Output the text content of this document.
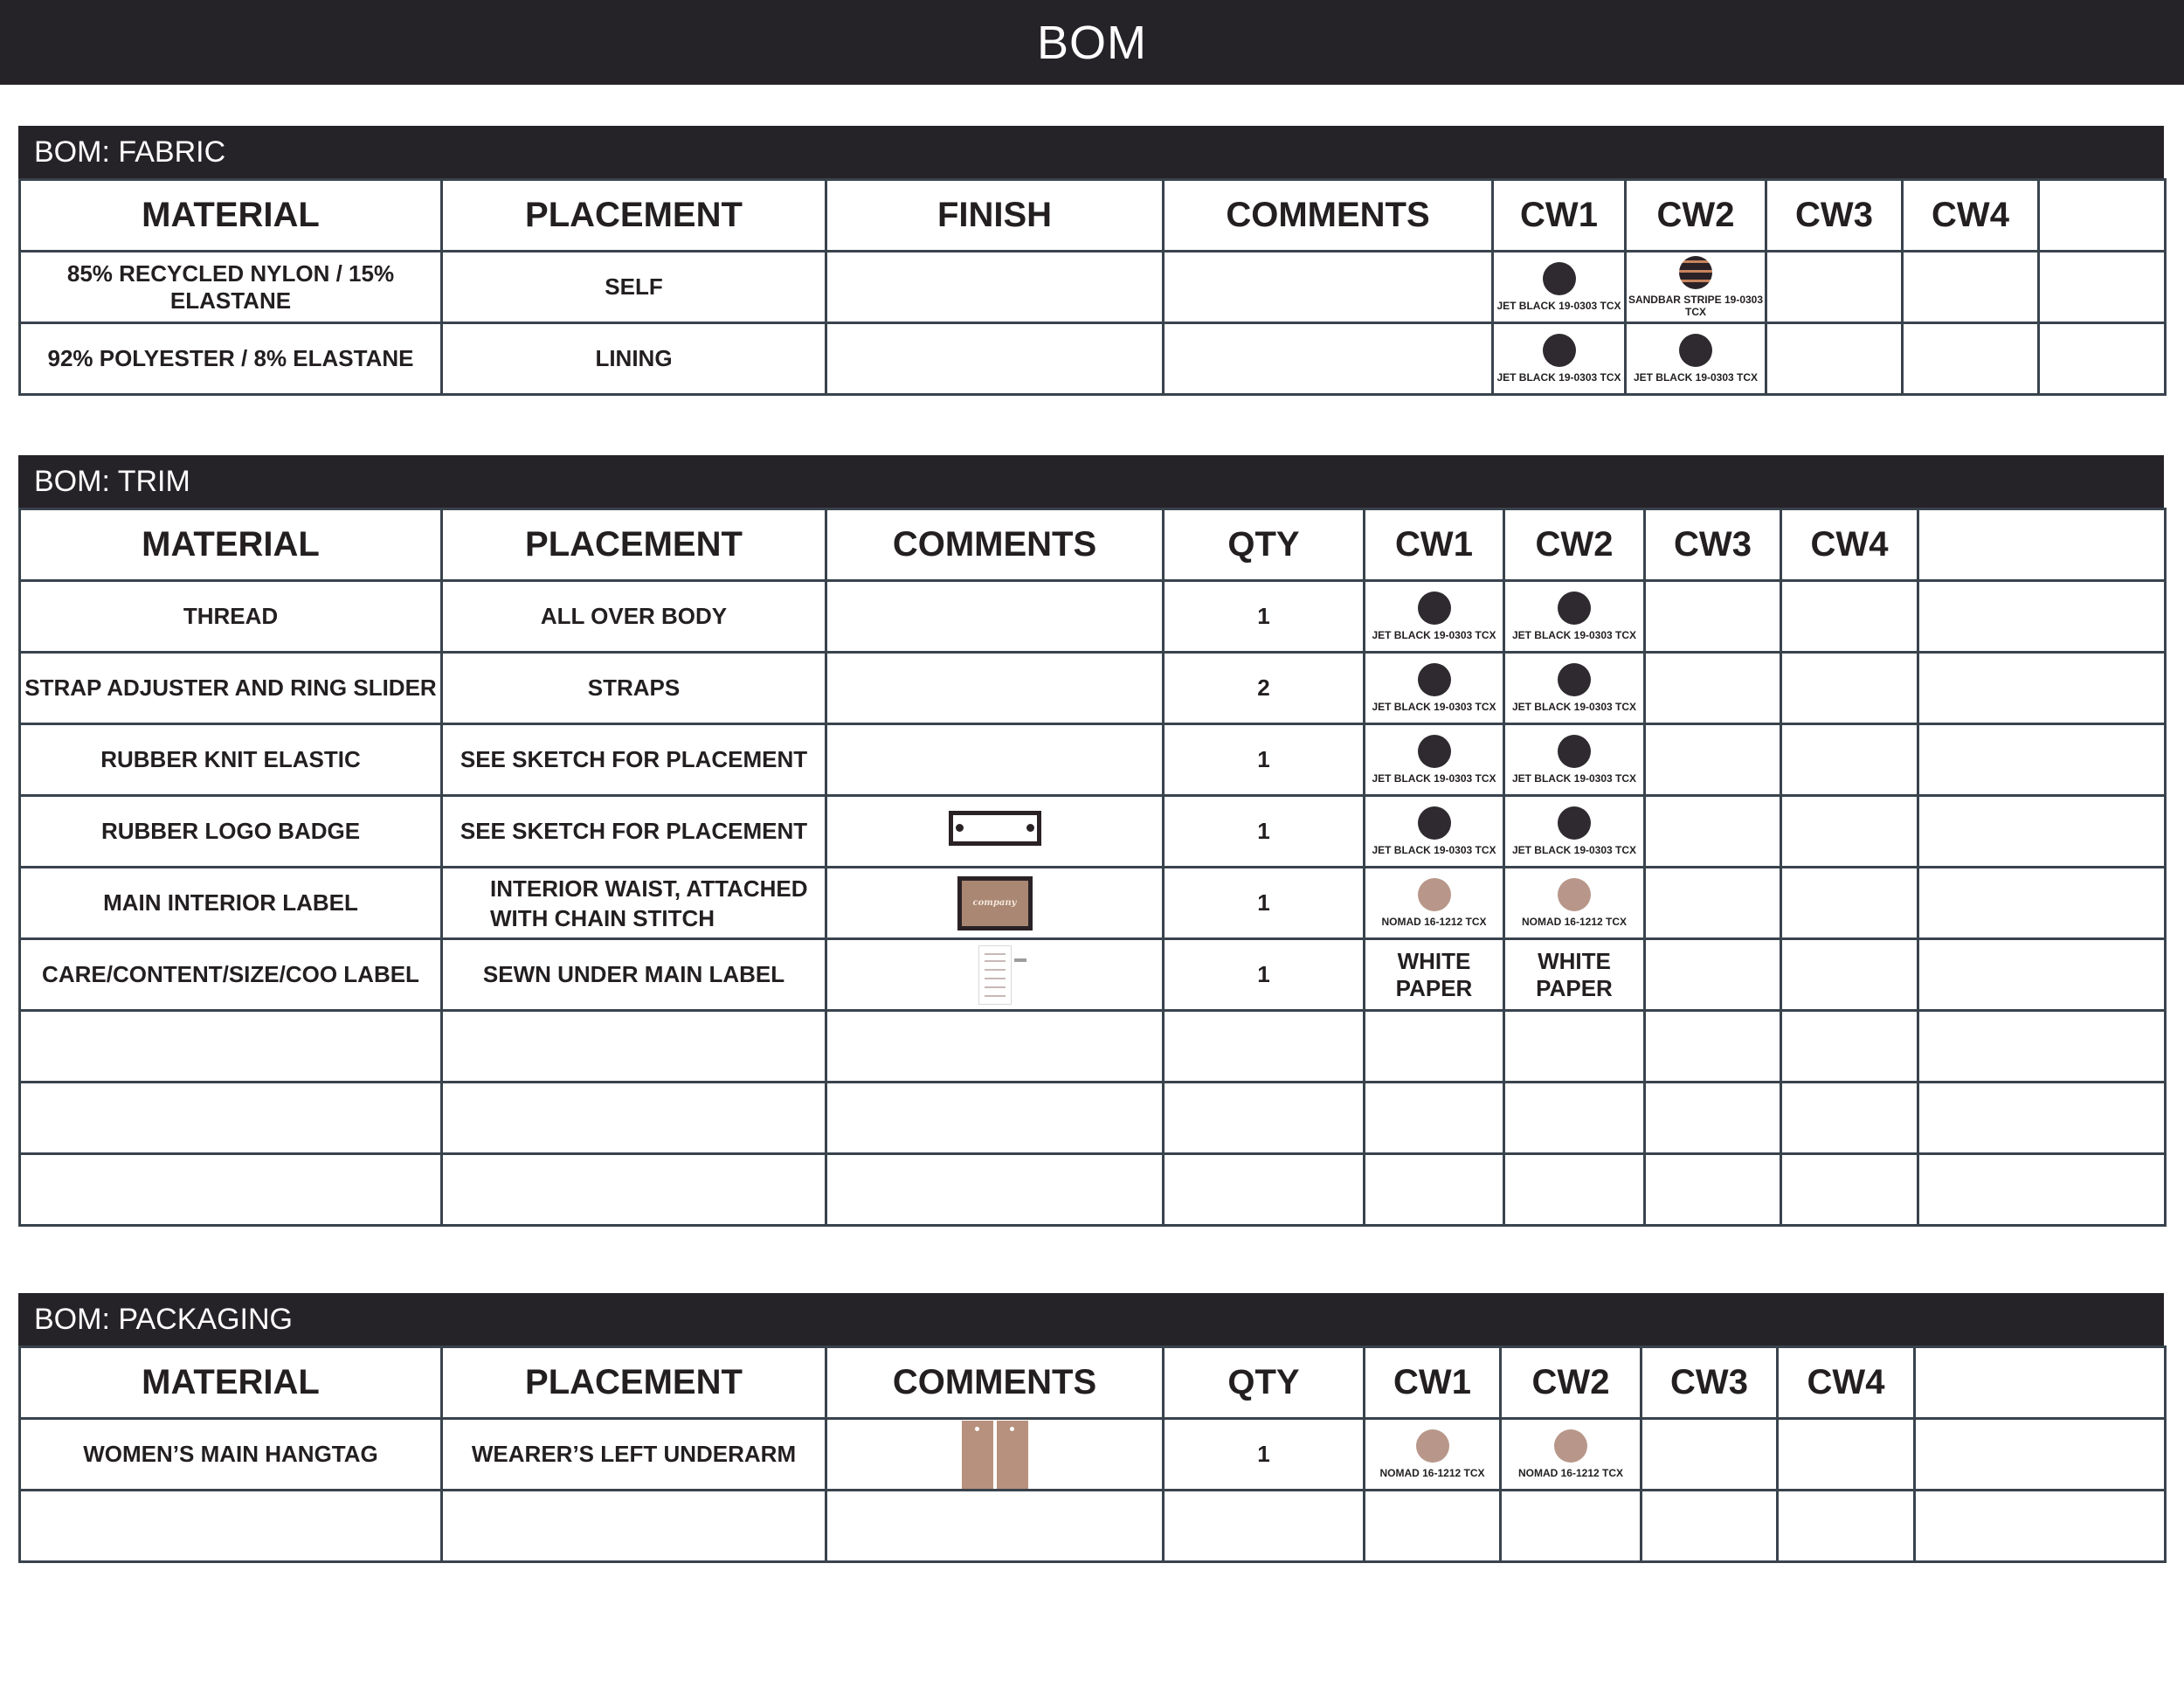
BOM
BOM: FABRIC
MATERIAL	PLACEMENT	FINISH	COMMENTS	CW1	CW2	CW3	CW4	
85% RECYCLED NYLON / 15% ELASTANE	SELF			JET BLACK 19-0303 TCX	SANDBAR STRIPE 19-0303 TCX			

92% POLYESTER / 8% ELASTANE	LINING			JET BLACK 19-0303 TCX	JET BLACK 19-0303 TCX			

BOM: TRIM
MATERIAL	PLACEMENT	COMMENTS	QTY	CW1	CW2	CW3	CW4	
THREAD	ALL OVER BODY		1	JET BLACK 19-0303 TCX	JET BLACK 19-0303 TCX			

STRAP ADJUSTER AND RING SLIDER	STRAPS		2	JET BLACK 19-0303 TCX	JET BLACK 19-0303 TCX			

RUBBER KNIT ELASTIC	SEE SKETCH FOR PLACEMENT		1	JET BLACK 19-0303 TCX	JET BLACK 19-0303 TCX			

RUBBER LOGO BADGE	SEE SKETCH FOR PLACEMENT		1	JET BLACK 19-0303 TCX	JET BLACK 19-0303 TCX			

MAIN INTERIOR LABEL	INTERIOR WAIST, ATTACHED
WITH CHAIN STITCH	company	1	NOMAD 16-1212 TCX	NOMAD 16-1212 TCX			

CARE/CONTENT/SIZE/COO LABEL	SEWN UNDER MAIN LABEL		1	WHITE
PAPER	WHITE
PAPER			

BOM: PACKAGING
MATERIAL	PLACEMENT	COMMENTS	QTY	CW1	CW2	CW3	CW4	
WOMEN’S MAIN HANGTAG	WEARER’S LEFT UNDERARM		1	NOMAD 16-1212 TCX	NOMAD 16-1212 TCX			
